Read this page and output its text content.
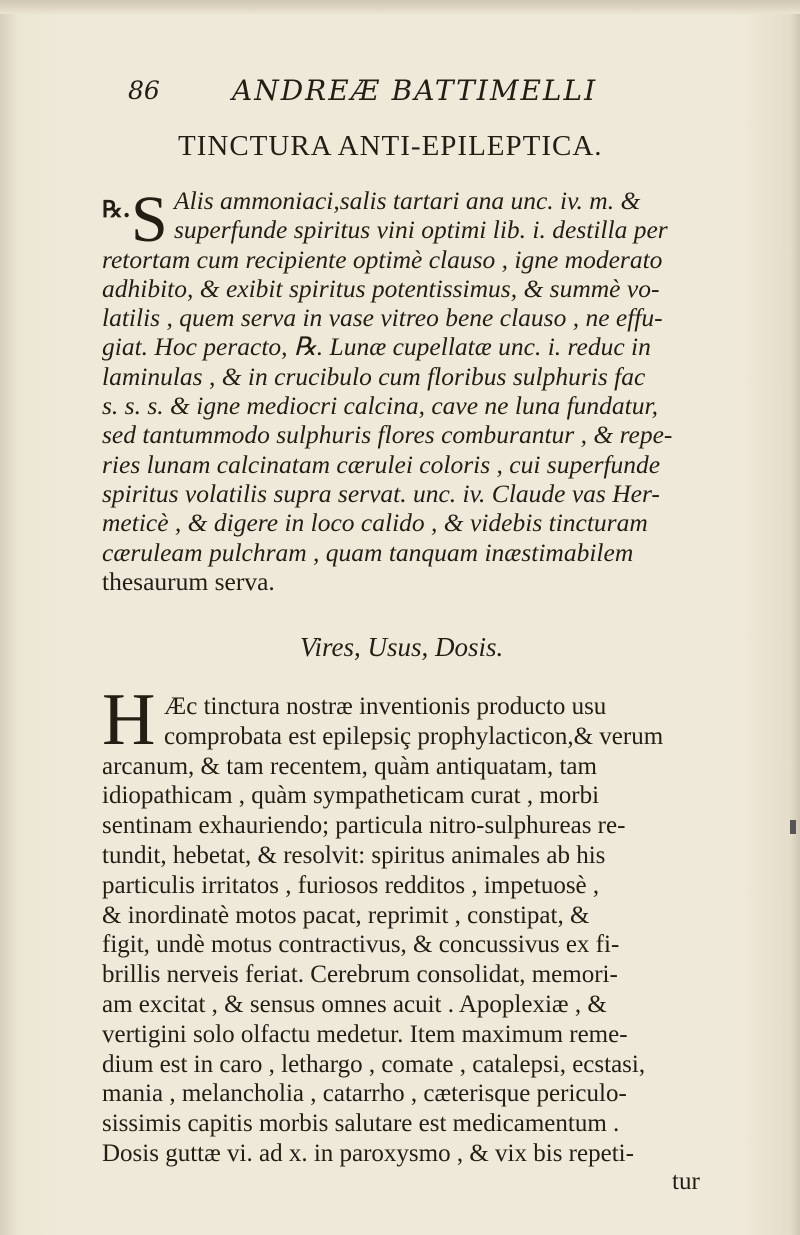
86	ANDREÆ BATTIMELLI
TINCTURA ANTI-EPILEPTICA.
℞. S Alis ammoniaci,salis tartari ana unc. iv. m. &
superfunde spiritus vini optimi lib. i. destilla per
retortam cum recipiente optimè clauso , igne moderato
adhibito, & exibit spiritus potentissimus, & summè vo-
latilis , quem serva in vase vitreo bene clauso , ne effu-
giat. Hoc peracto, ℞. Lunæ cupellatæ unc. i. reduc in
laminulas , & in crucibulo cum floribus sulphuris fac
s. s. s. & igne mediocri calcina, cave ne luna fundatur,
sed tantummodo sulphuris flores comburantur , & repe-
ries lunam calcinatam cærulei coloris , cui superfunde
spiritus volatilis supra servat. unc. iv. Claude vas Her-
meticè , & digere in loco calido , & videbis tincturam
cæruleam pulchram , quam tanquam inæstimabilem
thesaurum serva.
Vires, Usus, Dosis.
H Æc tinctura nostræ inventionis producto usu
comprobata est epilepsiç prophylacticon,& verum
arcanum, & tam recentem, quàm antiquatam, tam
idiopathicam , quàm sympatheticam curat , morbi
sentinam exhauriendo; particula nitro-sulphureas re-
tundit, hebetat, & resolvit: spiritus animales ab his
particulis irritatos , furiosos redditos , impetuosè ,
& inordinatè motos pacat, reprimit , constipat, &
figit, undè motus contractivus, & concussivus ex fi-
brillis nerveis feriat. Cerebrum consolidat, memori-
am excitat , & sensus omnes acuit . Apoplexiæ , &
vertigini solo olfactu medetur. Item maximum reme-
dium est in caro , lethargo , comate , catalepsi, ecstasi,
mania , melancholia , catarrho , cæterisque periculo-
sissimis capitis morbis salutare est medicamentum .
Dosis guttæ vi. ad x. in paroxysmo , & vix bis repeti-
tur
